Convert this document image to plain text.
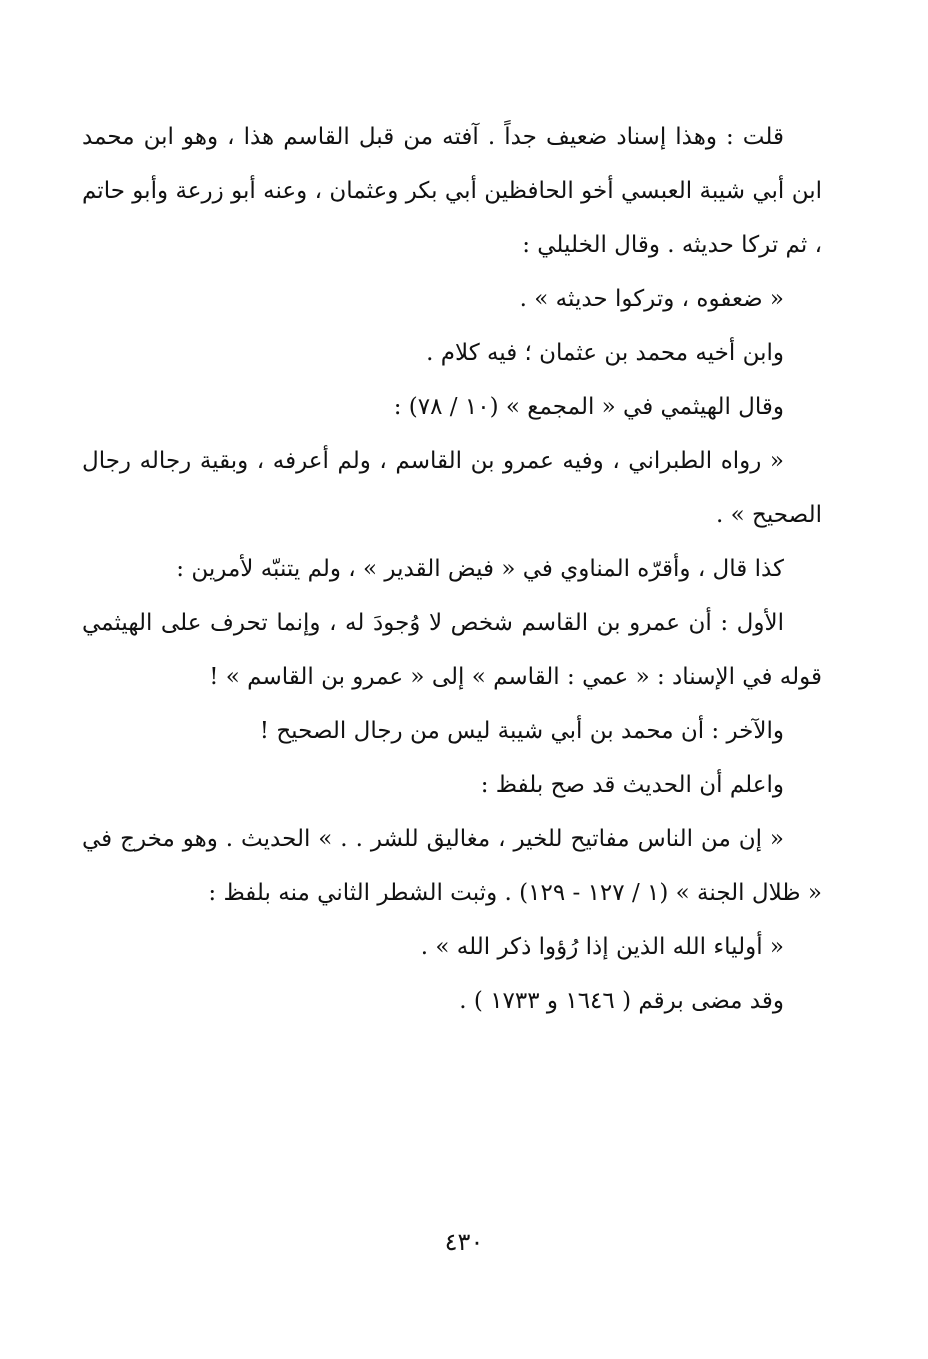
قلت : وهذا إسناد ضعيف جداً . آفته من قبل القاسم هذا ، وهو ابن محمد ابن أبي شيبة العبسي أخو الحافظين أبي بكر وعثمان ، وعنه أبو زرعة وأبو حاتم ، ثم تركا حديثه . وقال الخليلي :

« ضعفوه ، وتركوا حديثه » .

وابن أخيه محمد بن عثمان ؛ فيه كلام .

وقال الهيثمي في « المجمع » (١٠ / ٧٨) :

« رواه الطبراني ، وفيه عمرو بن القاسم ، ولم أعرفه ، وبقية رجاله رجال الصحيح » .

كذا قال ، وأقرّه المناوي في « فيض القدير » ، ولم يتنبّه لأمرين :

الأول : أن عمرو بن القاسم شخص لا وُجودَ له ، وإنما تحرف على الهيثمي قوله في الإسناد : « عمي : القاسم » إلى « عمرو بن القاسم » !

والآخر : أن محمد بن أبي شيبة ليس من رجال الصحيح !

واعلم أن الحديث قد صح بلفظ :

« إن من الناس مفاتيح للخير ، مغاليق للشر . . » الحديث . وهو مخرج في « ظلال الجنة » (١ / ١٢٧ - ١٢٩) . وثبت الشطر الثاني منه بلفظ :

« أولياء الله الذين إذا رُؤوا ذكر الله » .

وقد مضى برقم ( ١٦٤٦ و ١٧٣٣ ) .

٤٣٠
